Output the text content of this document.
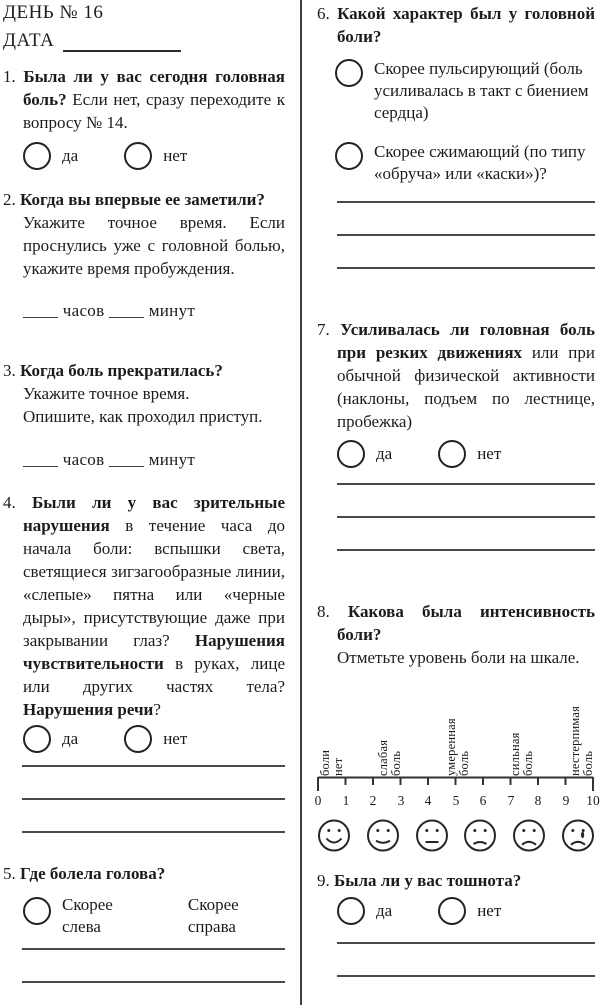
ДЕНЬ № 16
ДАТА

1. Была ли у вас сегодня головная боль? Если нет, сразу переходите к вопросу № 14.

да	нет

2. Когда вы впервые ее заметили?
Укажите точное время. Если проснулись уже с головной болью, укажите время пробуждения.

____ часов ____ минут

3. Когда боль прекратилась?
Укажите точное время.
Опишите, как проходил приступ.

____ часов ____ минут

4. Были ли у вас зрительные нарушения в течение часа до начала боли: вспышки света, светящиеся зигзагообразные линии, «слепые» пятна или «черные дыры», присутствующие даже при закрывании глаз? Нарушения чувствительности в руках, лице или других частях тела? Нарушения речи?

да	нет

5. Где болела голова?

Скорее слева
Скорее справа

6. Какой характер был у головной боли?

Скорее пульсирующий (боль усиливалась в такт с биением сердца)
Скорее сжимающий (по типу «обруча» или «каски»)?

7. Усиливалась ли головная боль при резких движениях или при обычной физической активности (наклоны, подъем по лестнице, пробежка)

да	нет

8. Какова была интенсивность боли?
Отметьте уровень боли на шкале.

боли
нет слабая
боль	умеренная
боль	сильная
боль	нестерпимая
боль
0	1	2	3	4	5	6	7	8	9	10

9. Была ли у вас тошнота?

да	нет
